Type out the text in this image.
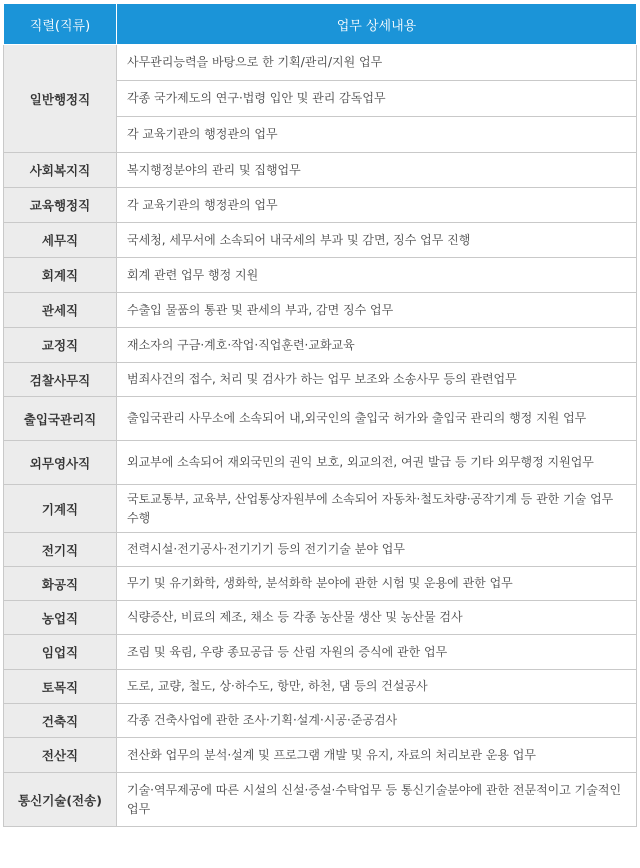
직렬(직류)	업무 상세내용
일반행정직	사무관리능력을 바탕으로 한 기획/관리/지원 업무
	각종 국가제도의 연구·법령 입안 및 관리 감독업무
	각 교육기관의 행정관의 업무
사회복지직	복지행정분야의 관리 및 집행업무
교육행정직	각 교육기관의 행정관의 업무
세무직	국세청, 세무서에 소속되어 내국세의 부과 및 감면, 징수 업무 진행
회계직	회계 관련 업무 행정 지원
관세직	수출입 물품의 통관 및 관세의 부과, 감면 징수 업무
교정직	재소자의 구금·계호·작업·직업훈련·교화교육
검찰사무직	범죄사건의 접수, 처리 및 검사가 하는 업무 보조와 소송사무 등의 관련업무
출입국관리직	출입국관리 사무소에 소속되어 내,외국인의 출입국 허가와 출입국 관리의 행정 지원 업무
외무영사직	외교부에 소속되어 재외국민의 권익 보호, 외교의전, 여권 발급 등 기타 외무행정 지원업무
기계직	국토교통부, 교육부, 산업통상자원부에 소속되어 자동차·철도차량·공작기계 등 관한 기술 업무 수행
전기직	전력시설·전기공사·전기기기 등의 전기기술 분야 업무
화공직	무기 및 유기화학, 생화학, 분석화학 분야에 관한 시험 및 운용에 관한 업무
농업직	식량증산, 비료의 제조, 채소 등 각종 농산물 생산 및 농산물 검사
임업직	조림 및 육림, 우량 종묘공급 등 산림 자원의 증식에 관한 업무
토목직	도로, 교량, 철도, 상·하수도, 항만, 하천, 댐 등의 건설공사
건축직	각종 건축사업에 관한 조사·기획·설계·시공·준공검사
전산직	전산화 업무의 분석·설계 및 프로그램 개발 및 유지, 자료의 처리보관 운용 업무
통신기술(전송)	기술·역무제공에 따른 시설의 신설·증설·수탁업무 등 통신기술분야에 관한 전문적이고 기술적인 업무
